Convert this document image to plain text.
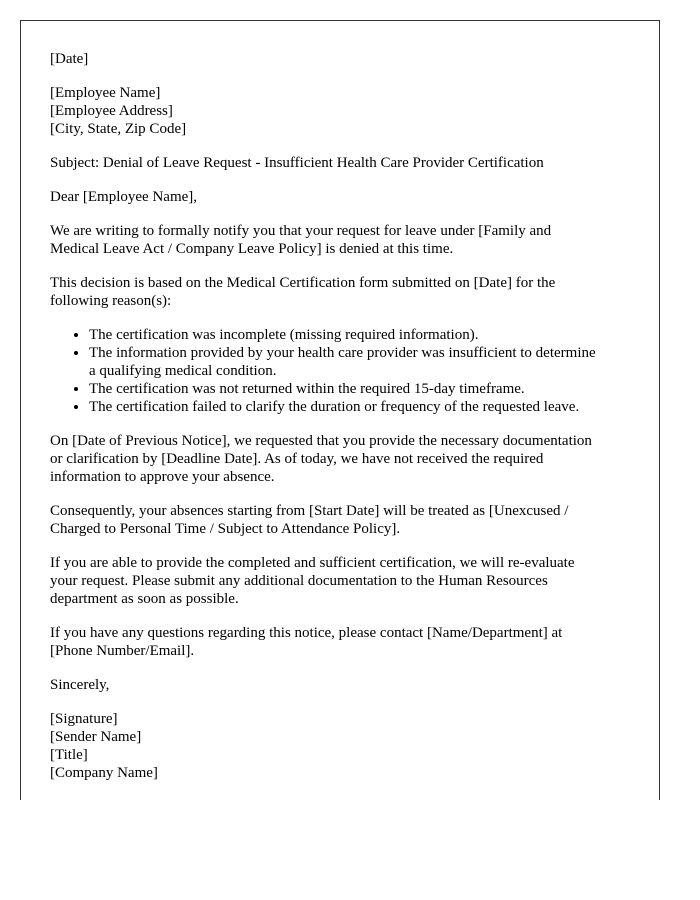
[Date]
[Employee Name]
[Employee Address]
[City, State, Zip Code]
Subject: Denial of Leave Request - Insufficient Health Care Provider Certification
Dear [Employee Name],
We are writing to formally notify you that your request for leave under [Family and
Medical Leave Act / Company Leave Policy] is denied at this time.
This decision is based on the Medical Certification form submitted on [Date] for the
following reason(s):
• The certification was incomplete (missing required information).
• The information provided by your health care provider was insufficient to determine
a qualifying medical condition.
• The certification was not returned within the required 15-day timeframe.
• The certification failed to clarify the duration or frequency of the requested leave.
On [Date of Previous Notice], we requested that you provide the necessary documentation
or clarification by [Deadline Date]. As of today, we have not received the required
information to approve your absence.
Consequently, your absences starting from [Start Date] will be treated as [Unexcused /
Charged to Personal Time / Subject to Attendance Policy].
If you are able to provide the completed and sufficient certification, we will re-evaluate
your request. Please submit any additional documentation to the Human Resources
department as soon as possible.
If you have any questions regarding this notice, please contact [Name/Department] at
[Phone Number/Email].
Sincerely,
[Signature]
[Sender Name]
[Title]
[Company Name]
